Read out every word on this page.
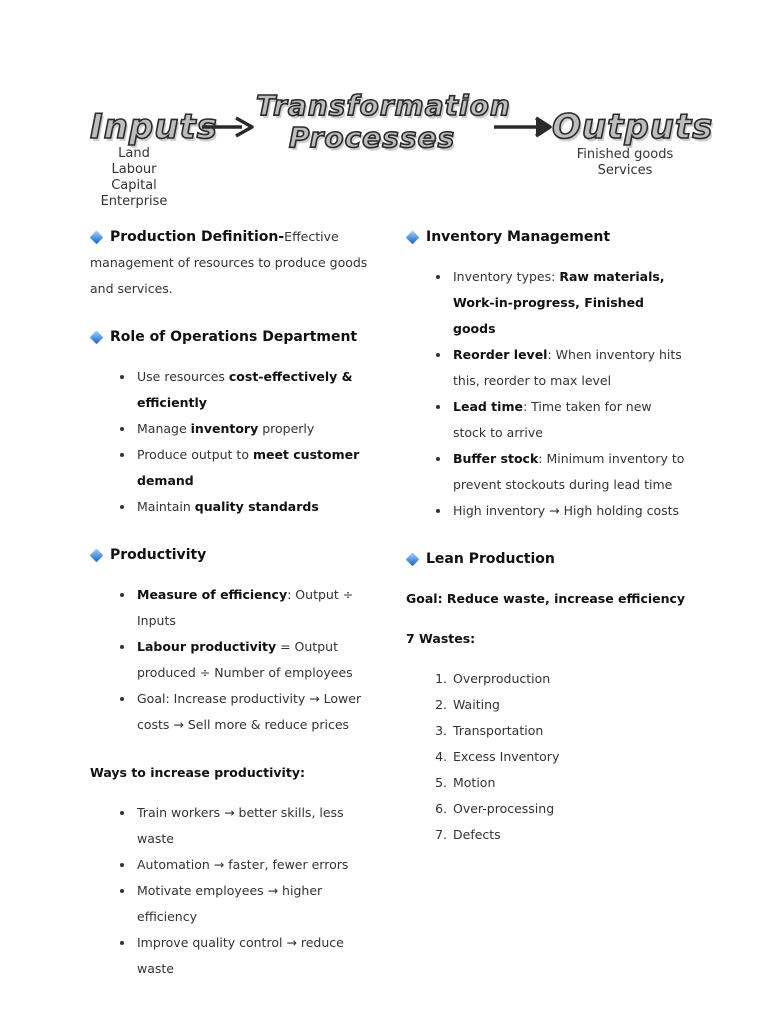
Inputs
Land
Labour
Capital
Enterprise
Transformation
Processes	Outputs
Finished goods
Services
Production Definition- Effective

management of resources to produce goods and services.

Role of Operations Department
• Use resources cost-effectively & efficiently
• Manage inventory properly
• Produce output to meet customer demand
• Maintain quality standards
Productivity
• Measure of efficiency: Output ÷ Inputs
• Labour productivity = Output produced ÷ Number of employees
• Goal: Increase productivity → Lower costs → Sell more & reduce prices

Ways to increase productivity:

• Train workers → better skills, less waste
• Automation → faster, fewer errors
• Motivate employees → higher efficiency
• Improve quality control → reduce waste
Inventory Management
• Inventory types: Raw materials, Work-in-progress, Finished goods
• Reorder level: When inventory hits this, reorder to max level
• Lead time: Time taken for new stock to arrive
• Buffer stock: Minimum inventory to prevent stockouts during lead time
• High inventory → High holding costs
Lean Production

Goal: Reduce waste, increase efficiency

7 Wastes:

1. Overproduction
2. Waiting
3. Transportation
4. Excess Inventory
5. Motion
6. Over-processing
7. Defects
